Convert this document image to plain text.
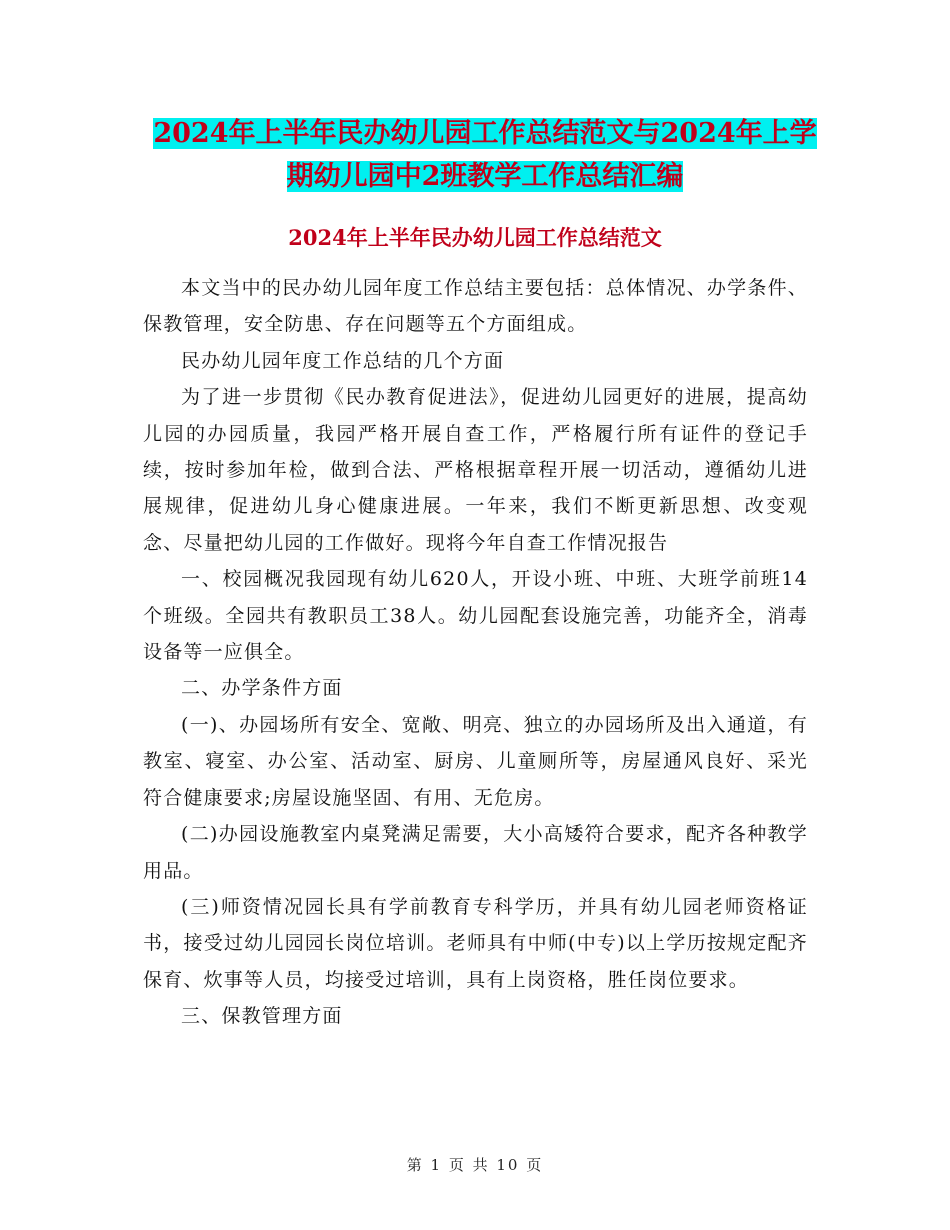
2024年上半年民办幼儿园工作总结范文与2024年上学
期幼儿园中2班教学工作总结汇编
2024年上半年民办幼儿园工作总结范文

本文当中的民办幼儿园年度工作总结主要包括：总体情况、办学条件、保教管理，安全防患、存在问题等五个方面组成。

民办幼儿园年度工作总结的几个方面

为了进一步贯彻《民办教育促进法》，促进幼儿园更好的进展，提高幼儿园的办园质量，我园严格开展自查工作，严格履行所有证件的登记手续，按时参加年检，做到合法、严格根据章程开展一切活动，遵循幼儿进展规律，促进幼儿身心健康进展。一年来，我们不断更新思想、改变观念、尽量把幼儿园的工作做好。现将今年自查工作情况报告

一、校园概况我园现有幼儿620人，开设小班、中班、大班学前班14个班级。全园共有教职员工38人。幼儿园配套设施完善，功能齐全，消毒设备等一应俱全。

二、办学条件方面

(一)、办园场所有安全、宽敞、明亮、独立的办园场所及出入通道，有教室、寝室、办公室、活动室、厨房、儿童厕所等，房屋通风良好、采光符合健康要求;房屋设施坚固、有用、无危房。

(二)办园设施教室内桌凳满足需要，大小高矮符合要求，配齐各种教学用品。

(三)师资情况园长具有学前教育专科学历，并具有幼儿园老师资格证书，接受过幼儿园园长岗位培训。老师具有中师(中专)以上学历按规定配齐保育、炊事等人员，均接受过培训，具有上岗资格，胜任岗位要求。

三、保教管理方面

第 1 页 共 10 页
